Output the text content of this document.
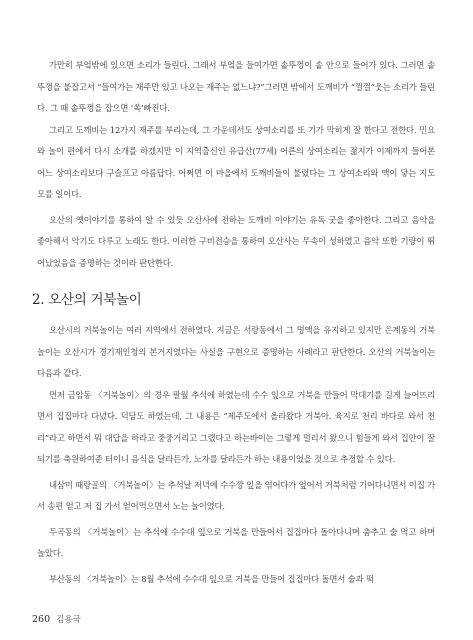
가만히 부엌밖에 있으면 소리가 들린다. 그래서 부엌을 들여가면 솥뚜껑이 솥 안으로 들어가 있다. 그러면 솥뚜껑을 붙잡고서 “들여가는 재주만 있고 나오는 재주는 없느냐?”그러면 밖에서 도깨비가 “껄껄”웃는 소리가 들린다. 그 때 솥뚜껑을 잡으면 ‘쏙’빠진다.

그리고 도깨비는 12가지 재주를 부리는데, 그 가운데서도 상여소리를 또 기가 막히게 잘 한다고 전한다. 민요와 놀이 편에서 다시 소개를 하겠지만 이 지역출신인 유급산(77세) 어른의 상여소리는 젊지가 이제까지 들어본 어느 상여소리보다 구슬프고 아름답다. 어쩌면 이 마을에서 도깨비들이 불렀다는 그 상여소리와 맥이 닿는 지도 모를 일이다.

오산의 옛이야기를 통하여 알 수 있듯 오산사에 전하는 도깨비 이야기는 유독 굿을 좋아한다. 그리고 음악을 좋아해서 악기도 다루고 노래도 한다. 이러한 구비전승을 통하여 오산사는 무속이 성하였고 음악 또한 기량이 뛰어났었음을 증명하는 것이라 판단한다.

2. 오산의 거북놀이

오산시의 거북놀이는 여러 지역에서 전하였다. 지금은 서랑동에서 그 명맥을 유지하고 있지만 은계동의 거북놀이는 오산시가 경기재인청의 본거지였다는 사실을 구현으로 증명하는 사례라고 판단한다. 오산의 거북놀이는 다음과 같다.

먼저 금암동 〈거북놀이〉의 경우 팔월 추석에 하였는데 수수 잎으로 거북을 만들어 막대기를 길게 늘어뜨리면서 집집마다 다녔다. 덕담도 하였는데, 그 내용은 “제주도에서 올라왔다 거북아. 육지로 천리 바다로 와서 천리”라고 하면서 뭐 대답을 하라고 중중거리고 그랬다고 하는바이는 그렇게 멀리서 왔으니 힘들게 와서 집안이 잘되기를 축원하여준 터이니 음식을 달라든가, 노자를 달라든가 하는 내용이었을 것으로 추정할 수 있다.

내삼미 때랑골의 〈거북놀이〉는 추석날 저녁에 수수깡 잎을 엮어다가 엎어서 거북처럼 기어다니면서 이집 가서 송편 얻고 저 집 가서 얻어먹으면서 노는 놀이였다.

두곡동의 〈거북놀이〉는 추석에 수수대 잎으로 거북을 만들어서 집집마다 돌아다니며 춤추고 술 먹고 하며 놀았다.

부산동의 〈거북놀이〉는 8월 추석에 수수대 잎으로 거북을 만들어 집집마다 돌면서 술과 떡

260 김용국
